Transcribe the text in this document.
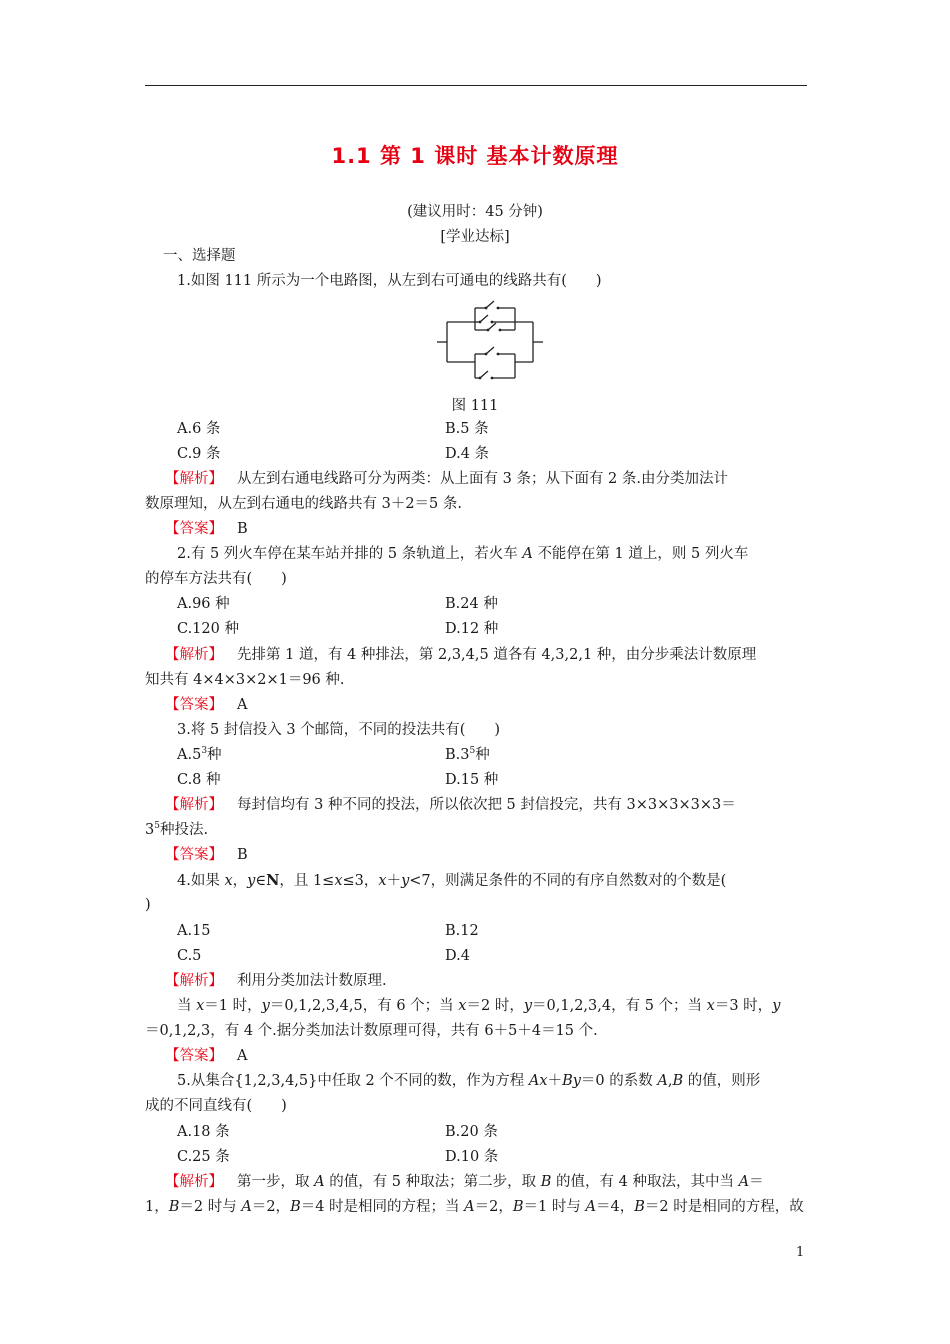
1.1 第 1 课时 基本计数原理
(建议用时：45 分钟)
[学业达标]
一、选择题
1.如图 111 所示为一个电路图，从左到右可通电的线路共有(　　)
图 111
A.6 条	B.5 条
C.9 条	D.4 条
【解析】 从左到右通电线路可分为两类：从上面有 3 条；从下面有 2 条.由分类加法计
数原理知，从左到右通电的线路共有 3＋2＝5 条.
【答案】 B
2.有 5 列火车停在某车站并排的 5 条轨道上，若火车 A 不能停在第 1 道上，则 5 列火车
的停车方法共有(　　)
A.96 种	B.24 种
C.120 种	D.12 种
【解析】 先排第 1 道，有 4 种排法，第 2,3,4,5 道各有 4,3,2,1 种，由分步乘法计数原理
知共有 4×4×3×2×1＝96 种.
【答案】 A
3.将 5 封信投入 3 个邮筒，不同的投法共有(　　)
$A.5^3$种	$B.3^5$种
C.8 种	D.15 种
【解析】 每封信均有 3 种不同的投法，所以依次把 5 封信投完，共有 3×3×3×3×3＝
$3^5$种投法.
【答案】 B
4.如果 x，y∈N，且 1≤x≤3，x＋y<7，则满足条件的不同的有序自然数对的个数是(
)
A.15	B.12
C.5	D.4
【解析】 利用分类加法计数原理.
当 x＝1 时，y＝0,1,2,3,4,5，有 6 个；当 x＝2 时，y＝0,1,2,3,4，有 5 个；当 x＝3 时，y
＝0,1,2,3，有 4 个.据分类加法计数原理可得，共有 6＋5＋4＝15 个.
【答案】 A
5.从集合{1,2,3,4,5}中任取 2 个不同的数，作为方程 Ax＋By＝0 的系数 A,B 的值，则形
成的不同直线有(　　)
A.18 条	B.20 条
C.25 条	D.10 条
【解析】 第一步，取 A 的值，有 5 种取法；第二步，取 B 的值，有 4 种取法，其中当 A＝
1，B＝2 时与 A＝2，B＝4 时是相同的方程；当 A＝2，B＝1 时与 A＝4，B＝2 时是相同的方程，故
1
